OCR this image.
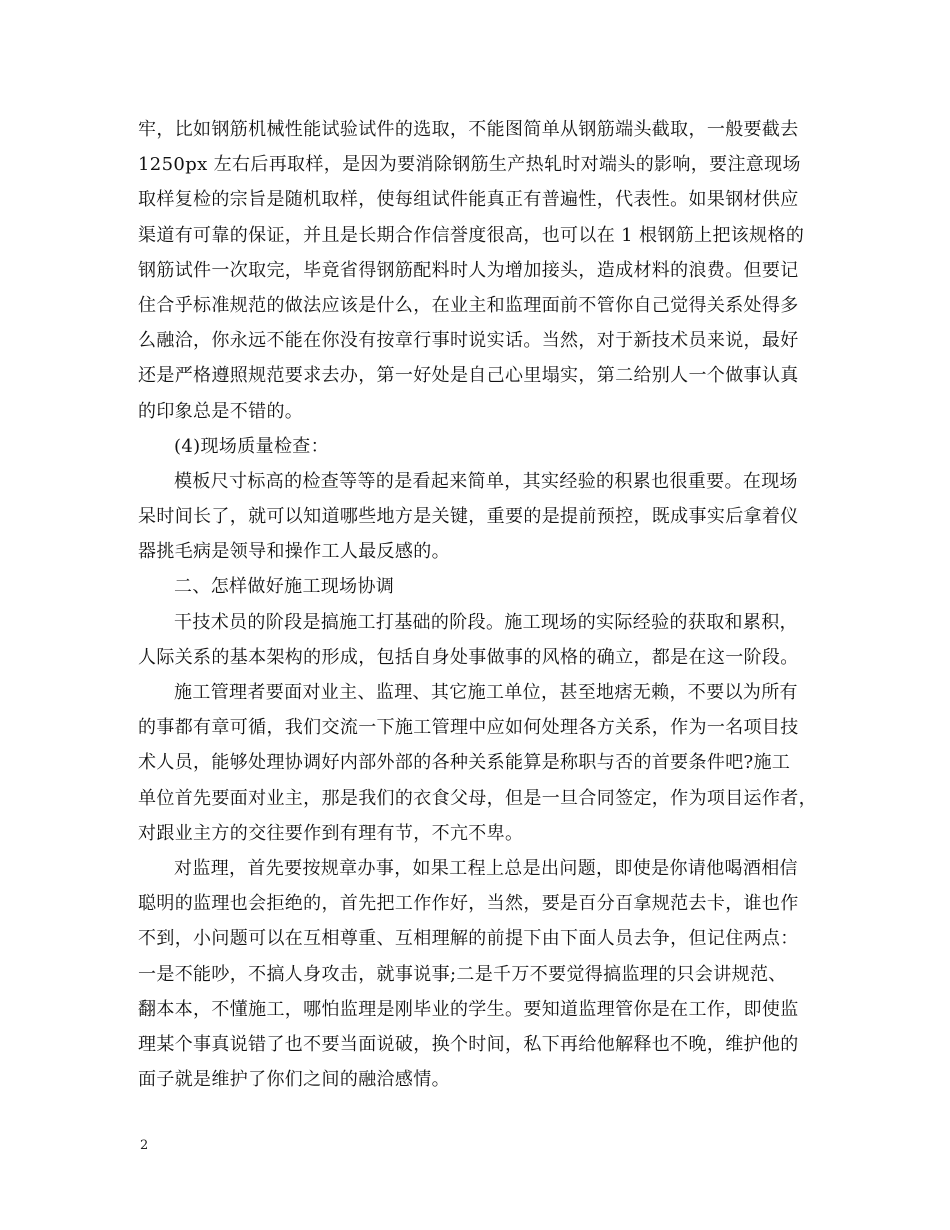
牢，比如钢筋机械性能试验试件的选取，不能图简单从钢筋端头截取，一般要截去
1250px 左右后再取样，是因为要消除钢筋生产热轧时对端头的影响，要注意现场
取样复检的宗旨是随机取样，使每组试件能真正有普遍性，代表性。如果钢材供应
渠道有可靠的保证，并且是长期合作信誉度很高，也可以在 1 根钢筋上把该规格的
钢筋试件一次取完，毕竟省得钢筋配料时人为增加接头，造成材料的浪费。但要记
住合乎标准规范的做法应该是什么，在业主和监理面前不管你自己觉得关系处得多
么融洽，你永远不能在你没有按章行事时说实话。当然，对于新技术员来说，最好
还是严格遵照规范要求去办，第一好处是自己心里塌实，第二给别人一个做事认真
的印象总是不错的。
(4)现场质量检查：
模板尺寸标高的检查等等的是看起来简单，其实经验的积累也很重要。在现场
呆时间长了，就可以知道哪些地方是关键，重要的是提前预控，既成事实后拿着仪
器挑毛病是领导和操作工人最反感的。
二、怎样做好施工现场协调
干技术员的阶段是搞施工打基础的阶段。施工现场的实际经验的获取和累积，
人际关系的基本架构的形成，包括自身处事做事的风格的确立，都是在这一阶段。
施工管理者要面对业主、监理、其它施工单位，甚至地痞无赖，不要以为所有
的事都有章可循，我们交流一下施工管理中应如何处理各方关系，作为一名项目技
术人员，能够处理协调好内部外部的各种关系能算是称职与否的首要条件吧?施工
单位首先要面对业主，那是我们的衣食父母，但是一旦合同签定，作为项目运作者，
对跟业主方的交往要作到有理有节，不亢不卑。
对监理，首先要按规章办事，如果工程上总是出问题，即使是你请他喝酒相信
聪明的监理也会拒绝的，首先把工作作好，当然，要是百分百拿规范去卡，谁也作
不到，小问题可以在互相尊重、互相理解的前提下由下面人员去争，但记住两点：
一是不能吵，不搞人身攻击，就事说事;二是千万不要觉得搞监理的只会讲规范、
翻本本，不懂施工，哪怕监理是刚毕业的学生。要知道监理管你是在工作，即使监
理某个事真说错了也不要当面说破，换个时间，私下再给他解释也不晚，维护他的
面子就是维护了你们之间的融洽感情。
2
